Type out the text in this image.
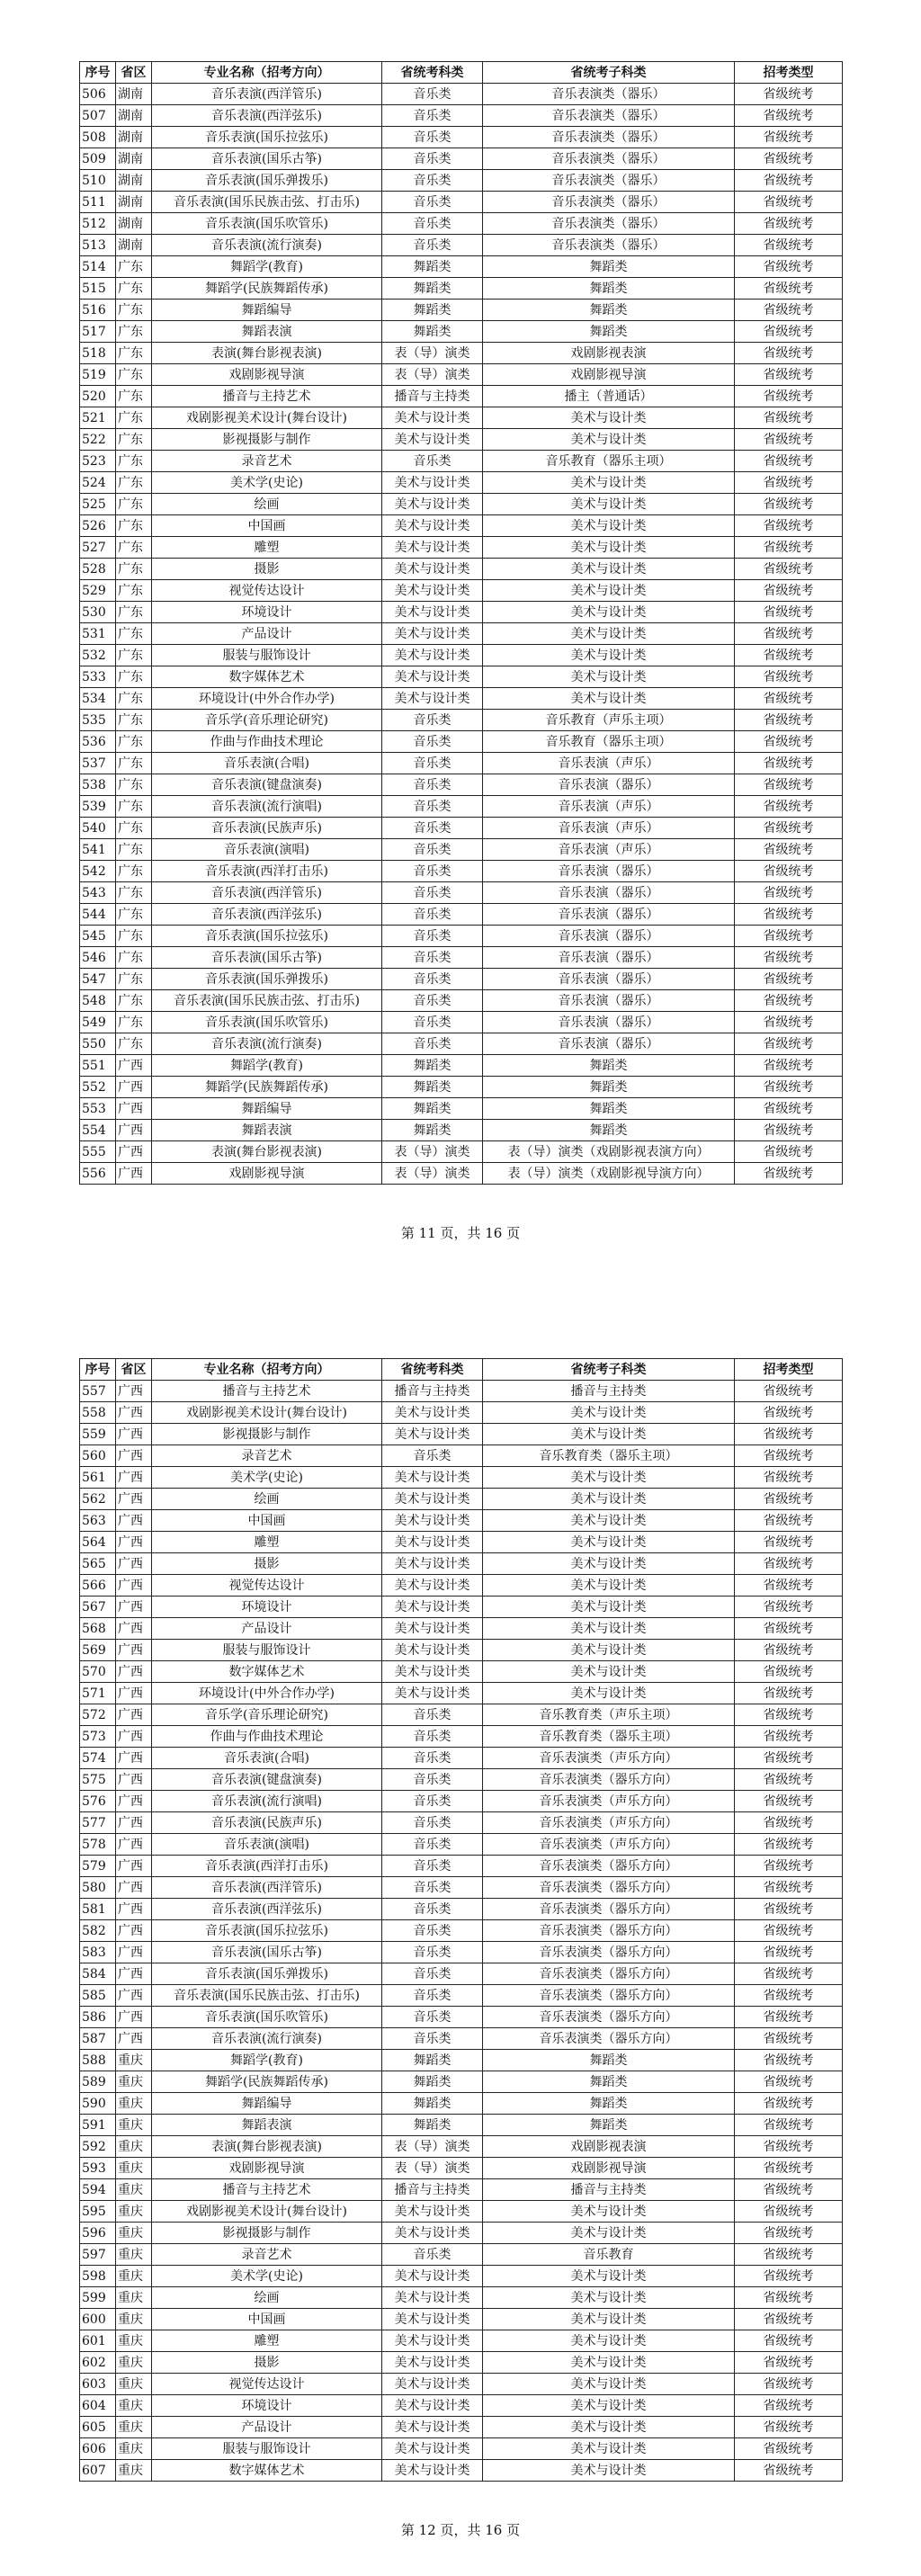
序号	省区	专业名称（招考方向）	省统考科类	省统考子科类	招考类型
506	湖南	音乐表演(西洋管乐)	音乐类	音乐表演类（器乐）	省级统考
507	湖南	音乐表演(西洋弦乐)	音乐类	音乐表演类（器乐）	省级统考
508	湖南	音乐表演(国乐拉弦乐)	音乐类	音乐表演类（器乐）	省级统考
509	湖南	音乐表演(国乐古筝)	音乐类	音乐表演类（器乐）	省级统考
510	湖南	音乐表演(国乐弹拨乐)	音乐类	音乐表演类（器乐）	省级统考
511	湖南	音乐表演(国乐民族击弦、打击乐)	音乐类	音乐表演类（器乐）	省级统考
512	湖南	音乐表演(国乐吹管乐)	音乐类	音乐表演类（器乐）	省级统考
513	湖南	音乐表演(流行演奏)	音乐类	音乐表演类（器乐）	省级统考
514	广东	舞蹈学(教育)	舞蹈类	舞蹈类	省级统考
515	广东	舞蹈学(民族舞蹈传承)	舞蹈类	舞蹈类	省级统考
516	广东	舞蹈编导	舞蹈类	舞蹈类	省级统考
517	广东	舞蹈表演	舞蹈类	舞蹈类	省级统考
518	广东	表演(舞台影视表演)	表（导）演类	戏剧影视表演	省级统考
519	广东	戏剧影视导演	表（导）演类	戏剧影视导演	省级统考
520	广东	播音与主持艺术	播音与主持类	播主（普通话）	省级统考
521	广东	戏剧影视美术设计(舞台设计)	美术与设计类	美术与设计类	省级统考
522	广东	影视摄影与制作	美术与设计类	美术与设计类	省级统考
523	广东	录音艺术	音乐类	音乐教育（器乐主项）	省级统考
524	广东	美术学(史论)	美术与设计类	美术与设计类	省级统考
525	广东	绘画	美术与设计类	美术与设计类	省级统考
526	广东	中国画	美术与设计类	美术与设计类	省级统考
527	广东	雕塑	美术与设计类	美术与设计类	省级统考
528	广东	摄影	美术与设计类	美术与设计类	省级统考
529	广东	视觉传达设计	美术与设计类	美术与设计类	省级统考
530	广东	环境设计	美术与设计类	美术与设计类	省级统考
531	广东	产品设计	美术与设计类	美术与设计类	省级统考
532	广东	服装与服饰设计	美术与设计类	美术与设计类	省级统考
533	广东	数字媒体艺术	美术与设计类	美术与设计类	省级统考
534	广东	环境设计(中外合作办学)	美术与设计类	美术与设计类	省级统考
535	广东	音乐学(音乐理论研究)	音乐类	音乐教育（声乐主项）	省级统考
536	广东	作曲与作曲技术理论	音乐类	音乐教育（器乐主项）	省级统考
537	广东	音乐表演(合唱)	音乐类	音乐表演（声乐）	省级统考
538	广东	音乐表演(键盘演奏)	音乐类	音乐表演（器乐）	省级统考
539	广东	音乐表演(流行演唱)	音乐类	音乐表演（声乐）	省级统考
540	广东	音乐表演(民族声乐)	音乐类	音乐表演（声乐）	省级统考
541	广东	音乐表演(演唱)	音乐类	音乐表演（声乐）	省级统考
542	广东	音乐表演(西洋打击乐)	音乐类	音乐表演（器乐）	省级统考
543	广东	音乐表演(西洋管乐)	音乐类	音乐表演（器乐）	省级统考
544	广东	音乐表演(西洋弦乐)	音乐类	音乐表演（器乐）	省级统考
545	广东	音乐表演(国乐拉弦乐)	音乐类	音乐表演（器乐）	省级统考
546	广东	音乐表演(国乐古筝)	音乐类	音乐表演（器乐）	省级统考
547	广东	音乐表演(国乐弹拨乐)	音乐类	音乐表演（器乐）	省级统考
548	广东	音乐表演(国乐民族击弦、打击乐)	音乐类	音乐表演（器乐）	省级统考
549	广东	音乐表演(国乐吹管乐)	音乐类	音乐表演（器乐）	省级统考
550	广东	音乐表演(流行演奏)	音乐类	音乐表演（器乐）	省级统考
551	广西	舞蹈学(教育)	舞蹈类	舞蹈类	省级统考
552	广西	舞蹈学(民族舞蹈传承)	舞蹈类	舞蹈类	省级统考
553	广西	舞蹈编导	舞蹈类	舞蹈类	省级统考
554	广西	舞蹈表演	舞蹈类	舞蹈类	省级统考
555	广西	表演(舞台影视表演)	表（导）演类	表（导）演类（戏剧影视表演方向）	省级统考
556	广西	戏剧影视导演	表（导）演类	表（导）演类（戏剧影视导演方向）	省级统考
第 11 页，共 16 页
序号	省区	专业名称（招考方向）	省统考科类	省统考子科类	招考类型
557	广西	播音与主持艺术	播音与主持类	播音与主持类	省级统考
558	广西	戏剧影视美术设计(舞台设计)	美术与设计类	美术与设计类	省级统考
559	广西	影视摄影与制作	美术与设计类	美术与设计类	省级统考
560	广西	录音艺术	音乐类	音乐教育类（器乐主项）	省级统考
561	广西	美术学(史论)	美术与设计类	美术与设计类	省级统考
562	广西	绘画	美术与设计类	美术与设计类	省级统考
563	广西	中国画	美术与设计类	美术与设计类	省级统考
564	广西	雕塑	美术与设计类	美术与设计类	省级统考
565	广西	摄影	美术与设计类	美术与设计类	省级统考
566	广西	视觉传达设计	美术与设计类	美术与设计类	省级统考
567	广西	环境设计	美术与设计类	美术与设计类	省级统考
568	广西	产品设计	美术与设计类	美术与设计类	省级统考
569	广西	服装与服饰设计	美术与设计类	美术与设计类	省级统考
570	广西	数字媒体艺术	美术与设计类	美术与设计类	省级统考
571	广西	环境设计(中外合作办学)	美术与设计类	美术与设计类	省级统考
572	广西	音乐学(音乐理论研究)	音乐类	音乐教育类（声乐主项）	省级统考
573	广西	作曲与作曲技术理论	音乐类	音乐教育类（器乐主项）	省级统考
574	广西	音乐表演(合唱)	音乐类	音乐表演类（声乐方向）	省级统考
575	广西	音乐表演(键盘演奏)	音乐类	音乐表演类（器乐方向）	省级统考
576	广西	音乐表演(流行演唱)	音乐类	音乐表演类（声乐方向）	省级统考
577	广西	音乐表演(民族声乐)	音乐类	音乐表演类（声乐方向）	省级统考
578	广西	音乐表演(演唱)	音乐类	音乐表演类（声乐方向）	省级统考
579	广西	音乐表演(西洋打击乐)	音乐类	音乐表演类（器乐方向）	省级统考
580	广西	音乐表演(西洋管乐)	音乐类	音乐表演类（器乐方向）	省级统考
581	广西	音乐表演(西洋弦乐)	音乐类	音乐表演类（器乐方向）	省级统考
582	广西	音乐表演(国乐拉弦乐)	音乐类	音乐表演类（器乐方向）	省级统考
583	广西	音乐表演(国乐古筝)	音乐类	音乐表演类（器乐方向）	省级统考
584	广西	音乐表演(国乐弹拨乐)	音乐类	音乐表演类（器乐方向）	省级统考
585	广西	音乐表演(国乐民族击弦、打击乐)	音乐类	音乐表演类（器乐方向）	省级统考
586	广西	音乐表演(国乐吹管乐)	音乐类	音乐表演类（器乐方向）	省级统考
587	广西	音乐表演(流行演奏)	音乐类	音乐表演类（器乐方向）	省级统考
588	重庆	舞蹈学(教育)	舞蹈类	舞蹈类	省级统考
589	重庆	舞蹈学(民族舞蹈传承)	舞蹈类	舞蹈类	省级统考
590	重庆	舞蹈编导	舞蹈类	舞蹈类	省级统考
591	重庆	舞蹈表演	舞蹈类	舞蹈类	省级统考
592	重庆	表演(舞台影视表演)	表（导）演类	戏剧影视表演	省级统考
593	重庆	戏剧影视导演	表（导）演类	戏剧影视导演	省级统考
594	重庆	播音与主持艺术	播音与主持类	播音与主持类	省级统考
595	重庆	戏剧影视美术设计(舞台设计)	美术与设计类	美术与设计类	省级统考
596	重庆	影视摄影与制作	美术与设计类	美术与设计类	省级统考
597	重庆	录音艺术	音乐类	音乐教育	省级统考
598	重庆	美术学(史论)	美术与设计类	美术与设计类	省级统考
599	重庆	绘画	美术与设计类	美术与设计类	省级统考
600	重庆	中国画	美术与设计类	美术与设计类	省级统考
601	重庆	雕塑	美术与设计类	美术与设计类	省级统考
602	重庆	摄影	美术与设计类	美术与设计类	省级统考
603	重庆	视觉传达设计	美术与设计类	美术与设计类	省级统考
604	重庆	环境设计	美术与设计类	美术与设计类	省级统考
605	重庆	产品设计	美术与设计类	美术与设计类	省级统考
606	重庆	服装与服饰设计	美术与设计类	美术与设计类	省级统考
607	重庆	数字媒体艺术	美术与设计类	美术与设计类	省级统考
第 12 页，共 16 页
